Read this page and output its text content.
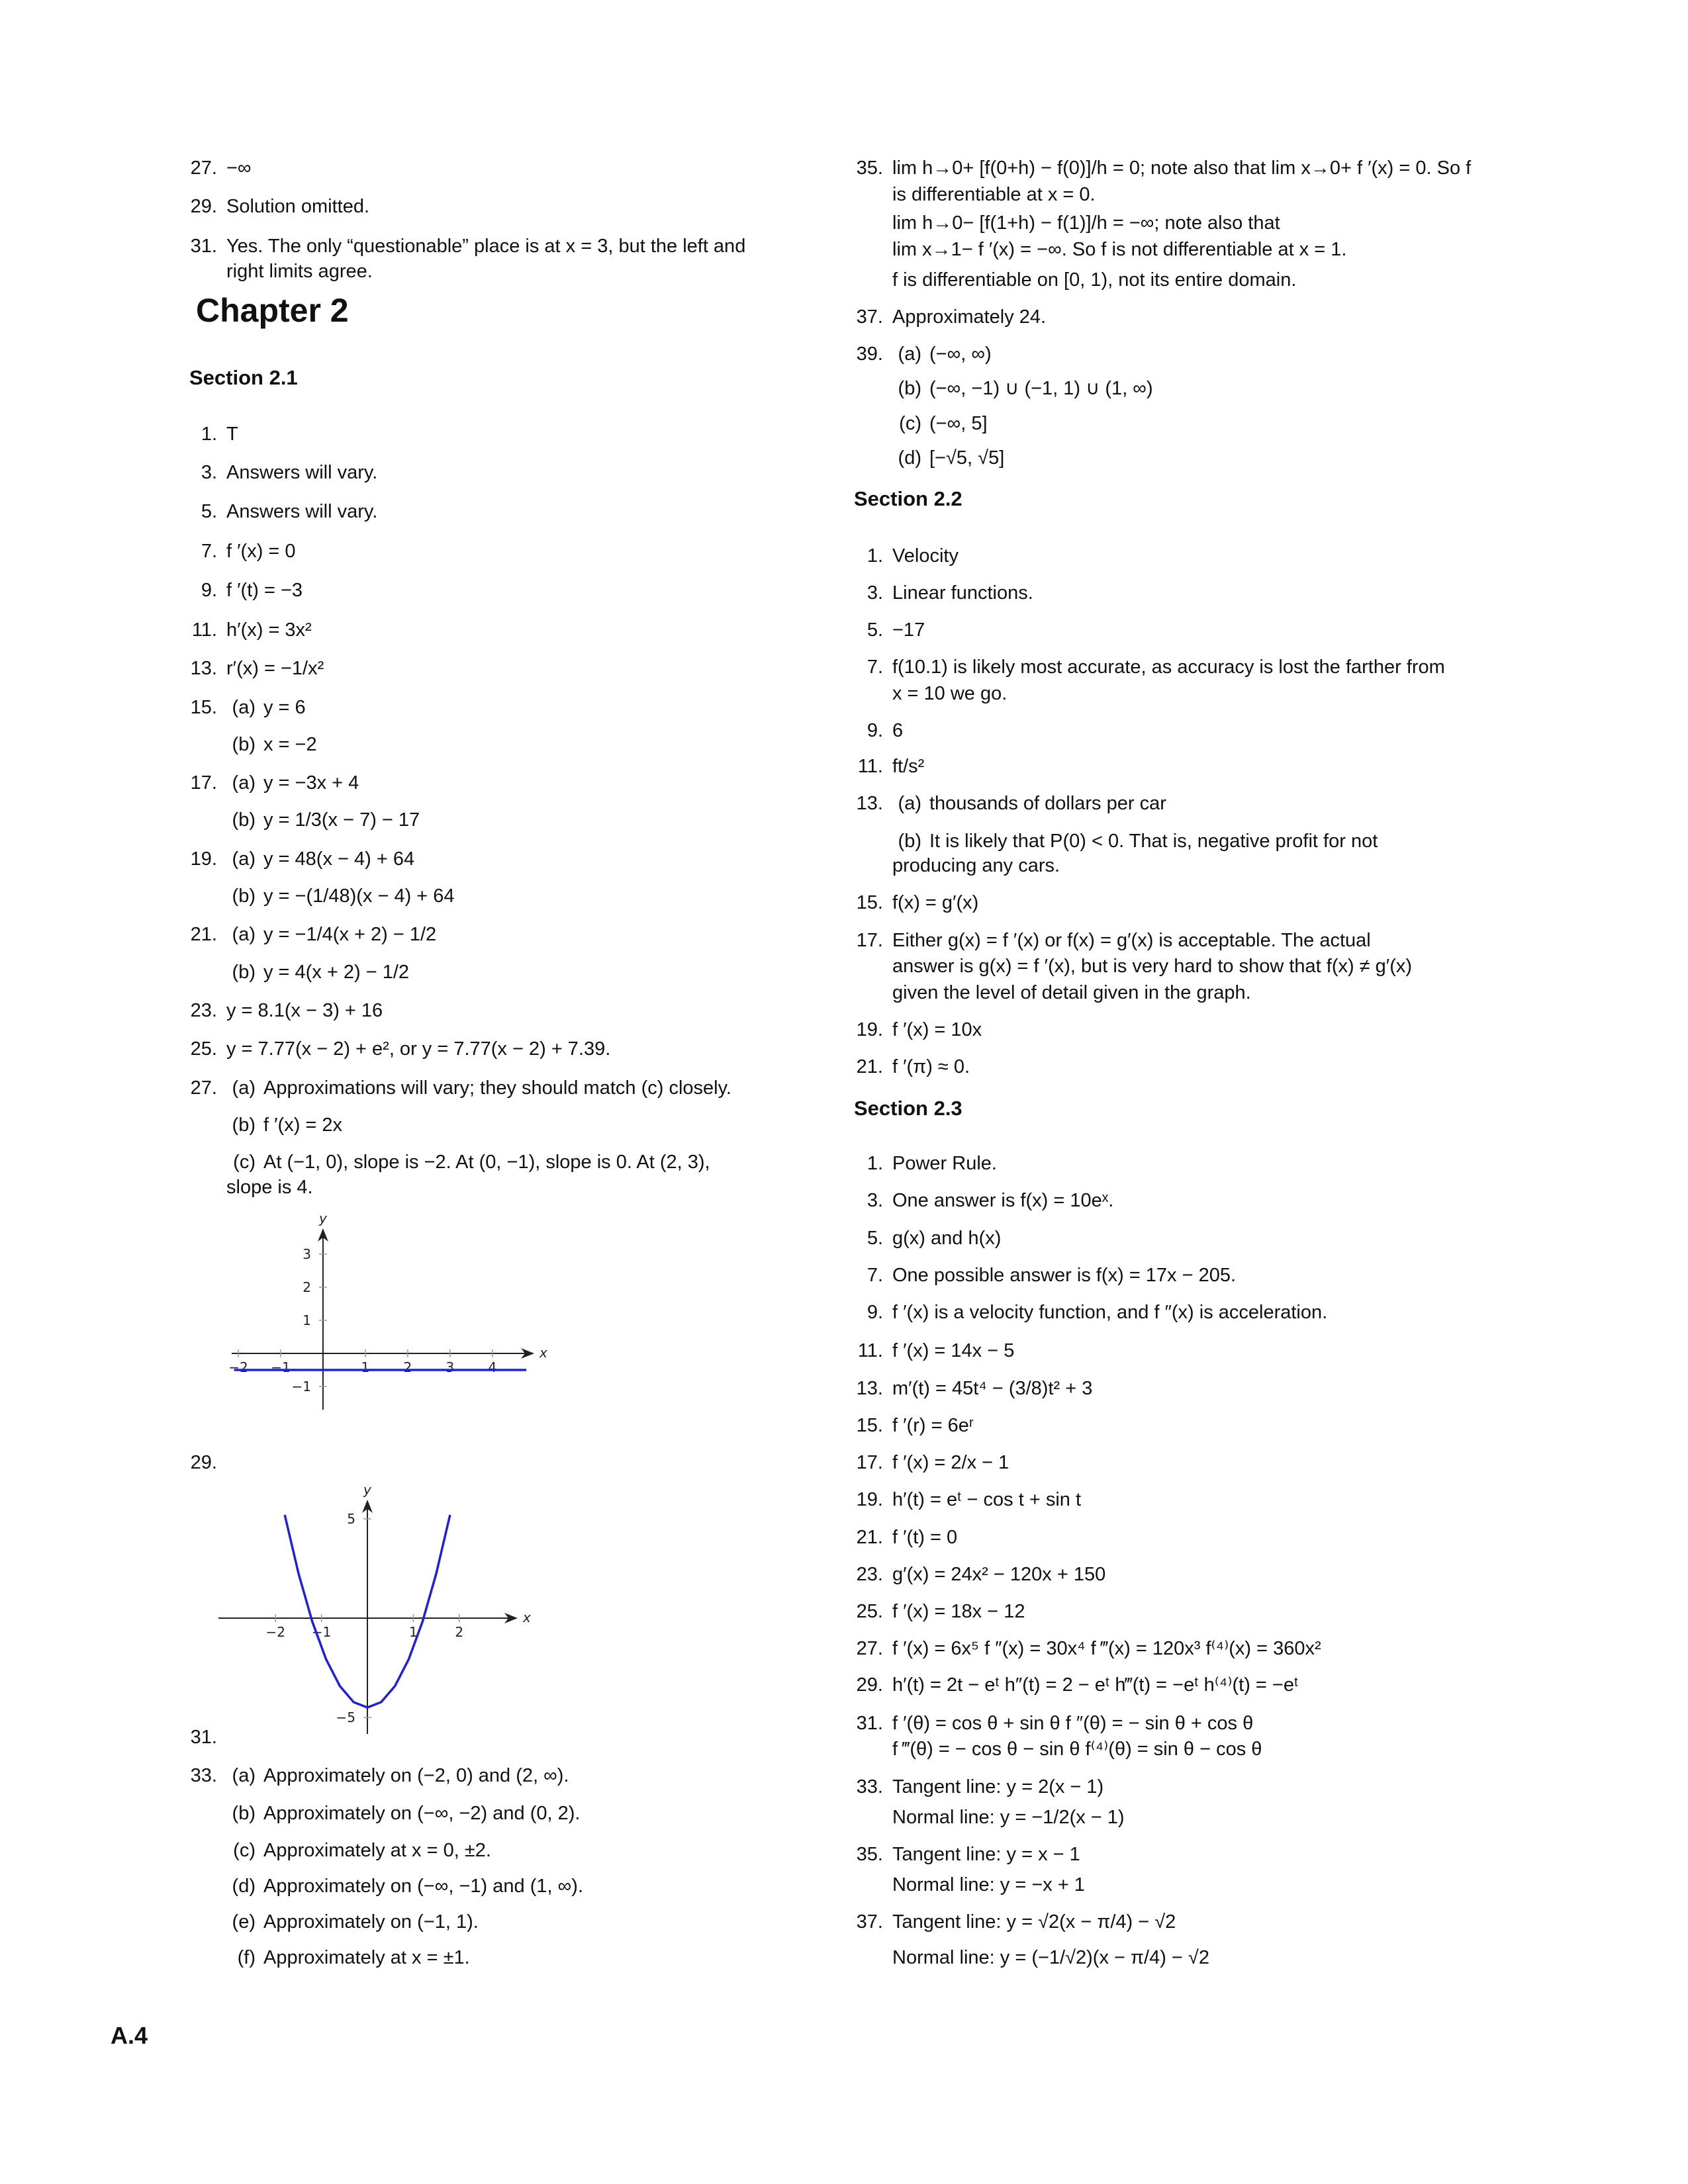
Chapter 2
27. −∞
29. Solution omitted.
31. Yes. The only “questionable” place is at x = 3, but the left and
right limits agree.
Section 2.1
1. T
3. Answers will vary.
5. Answers will vary.
7. f ′(x) = 0
9. f ′(t) = −3
11. h′(x) = 3x²
13. r′(x) = −1/x²
15. (a) y = 6
(b) x = −2
17. (a) y = −3x + 4
(b) y = 1/3(x − 7) − 17
19. (a) y = 48(x − 4) + 64
(b) y = −(1/48)(x − 4) + 64
21. (a) y = −1/4(x + 2) − 1/2
(b) y = 4(x + 2) − 1/2
23. y = 8.1(x − 3) + 16
25. y = 7.77(x − 2) + e², or y = 7.77(x − 2) + 7.39.
27. (a) Approximations will vary; they should match (c) closely.
(b) f ′(x) = 2x
(c) At (−1, 0), slope is −2. At (0, −1), slope is 0. At (2, 3),
slope is 4.
29.
31.
33. (a) Approximately on (−2, 0) and (2, ∞).
(b) Approximately on (−∞, −2) and (0, 2).
(c) Approximately at x = 0, ±2.
(d) Approximately on (−∞, −1) and (1, ∞).
(e) Approximately on (−1, 1).
(f) Approximately at x = ±1.
35. lim h→0+ [f(0+h) − f(0)]/h = 0; note also that lim x→0+ f ′(x) = 0. So f
is differentiable at x = 0.
lim h→0− [f(1+h) − f(1)]/h = −∞; note also that
lim x→1− f ′(x) = −∞. So f is not differentiable at x = 1.
f is differentiable on [0, 1), not its entire domain.
37. Approximately 24.
39. (a) (−∞, ∞)
(b) (−∞, −1) ∪ (−1, 1) ∪ (1, ∞)
(c) (−∞, 5]
(d) [−√5, √5]
Section 2.2
1. Velocity
3. Linear functions.
5. −17
7. f(10.1) is likely most accurate, as accuracy is lost the farther from
x = 10 we go.
9. 6
11. ft/s²
13. (a) thousands of dollars per car
(b) It is likely that P(0) < 0. That is, negative profit for not
producing any cars.
15. f(x) = g′(x)
17. Either g(x) = f ′(x) or f(x) = g′(x) is acceptable. The actual
answer is g(x) = f ′(x), but is very hard to show that f(x) ≠ g′(x)
given the level of detail given in the graph.
19. f ′(x) = 10x
21. f ′(π) ≈ 0.
Section 2.3
1. Power Rule.
3. One answer is f(x) = 10eˣ.
5. g(x) and h(x)
7. One possible answer is f(x) = 17x − 205.
9. f ′(x) is a velocity function, and f ″(x) is acceleration.
11. f ′(x) = 14x − 5
13. m′(t) = 45t⁴ − (3/8)t² + 3
15. f ′(r) = 6eʳ
17. f ′(x) = 2/x − 1
19. h′(t) = eᵗ − cos t + sin t
21. f ′(t) = 0
23. g′(x) = 24x² − 120x + 150
25. f ′(x) = 18x − 12
27. f ′(x) = 6x⁵ f ″(x) = 30x⁴ f ‴(x) = 120x³ f⁽⁴⁾(x) = 360x²
29. h′(t) = 2t − eᵗ h″(t) = 2 − eᵗ h‴(t) = −eᵗ h⁽⁴⁾(t) = −eᵗ
31. f ′(θ) = cos θ + sin θ f ″(θ) = − sin θ + cos θ
f ‴(θ) = − cos θ − sin θ f⁽⁴⁾(θ) = sin θ − cos θ
33. Tangent line: y = 2(x − 1)
Normal line: y = −1/2(x − 1)
35. Tangent line: y = x − 1
Normal line: y = −x + 1
37. Tangent line: y = √2(x − π/4) − √2
Normal line: y = (−1/√2)(x − π/4) − √2
x
y
−2 −1	1	2	3	4
3
2
1
−1
x
y
−2 −1	1	2
5
−5
A.4
